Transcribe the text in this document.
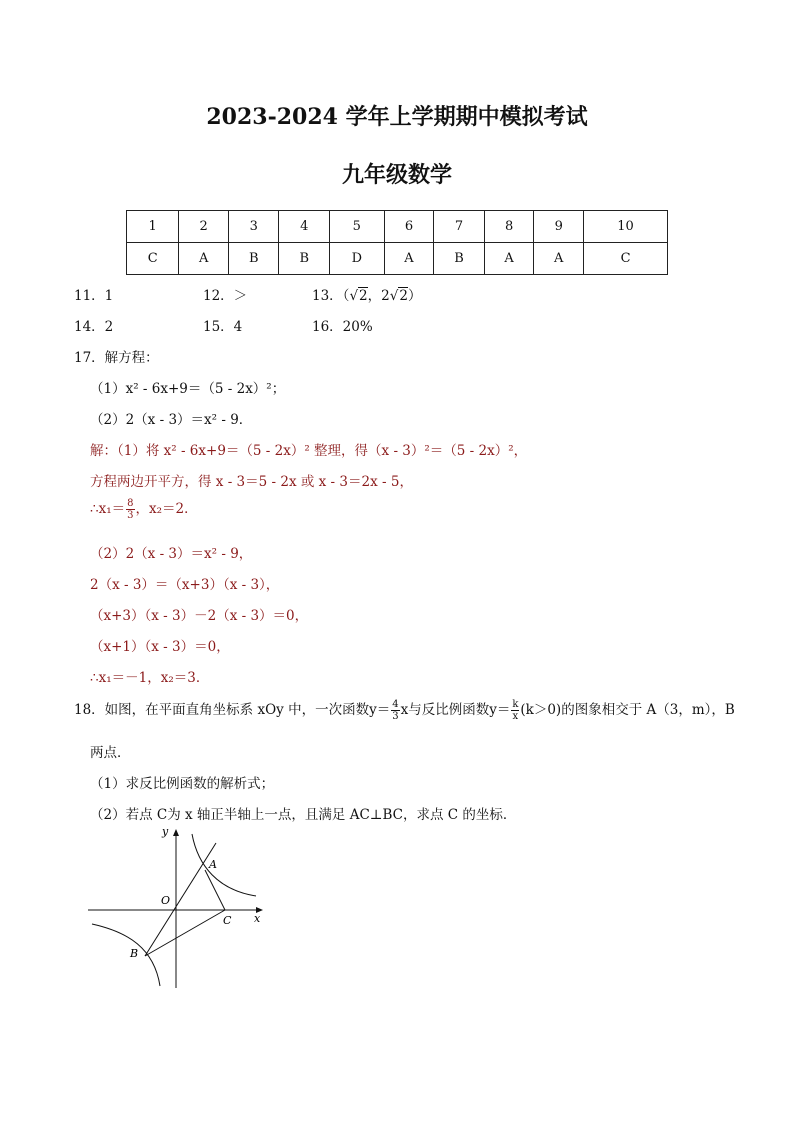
2023-2024 学年上学期期中模拟考试
九年级数学
1	2	3	4	5	6	7	8	9	10
C	A	B	B	D	A	B	A	A	C
11．1	12．＞	13．（√2，2√2）
14．2	15．4	16．20%
17．解方程：
（1）x² - 6x+9＝（5 - 2x）²；
（2）2（x - 3）＝x² - 9．
解：（1）将 x² - 6x+9＝（5 - 2x）² 整理，得（x - 3）²＝（5 - 2x）²，
方程两边开平方，得 x - 3＝5 - 2x 或 x - 3＝2x - 5，
∴x₁＝ $\frac{8}{3}$ ，x₂＝2．
（2）2（x - 3）＝x² - 9，
2（x - 3）＝（x+3）（x - 3），
（x+3）（x - 3）－2（x - 3）＝0，
（x+1）（x - 3）＝0，
∴x₁＝－1，x₂＝3．
18．如图，在平面直角坐标系 xOy 中，一次函数$y= \frac{4}{3}$ x与反比例函数$y= \frac{k}{x} (k>0)$的图象相交于 A（3，m），B
两点．
（1）求反比例函数的解析式；
（2）若点 C为 x 轴正半轴上一点，且满足 AC⊥BC，求点 C 的坐标．
y
x
O
A
B
C
